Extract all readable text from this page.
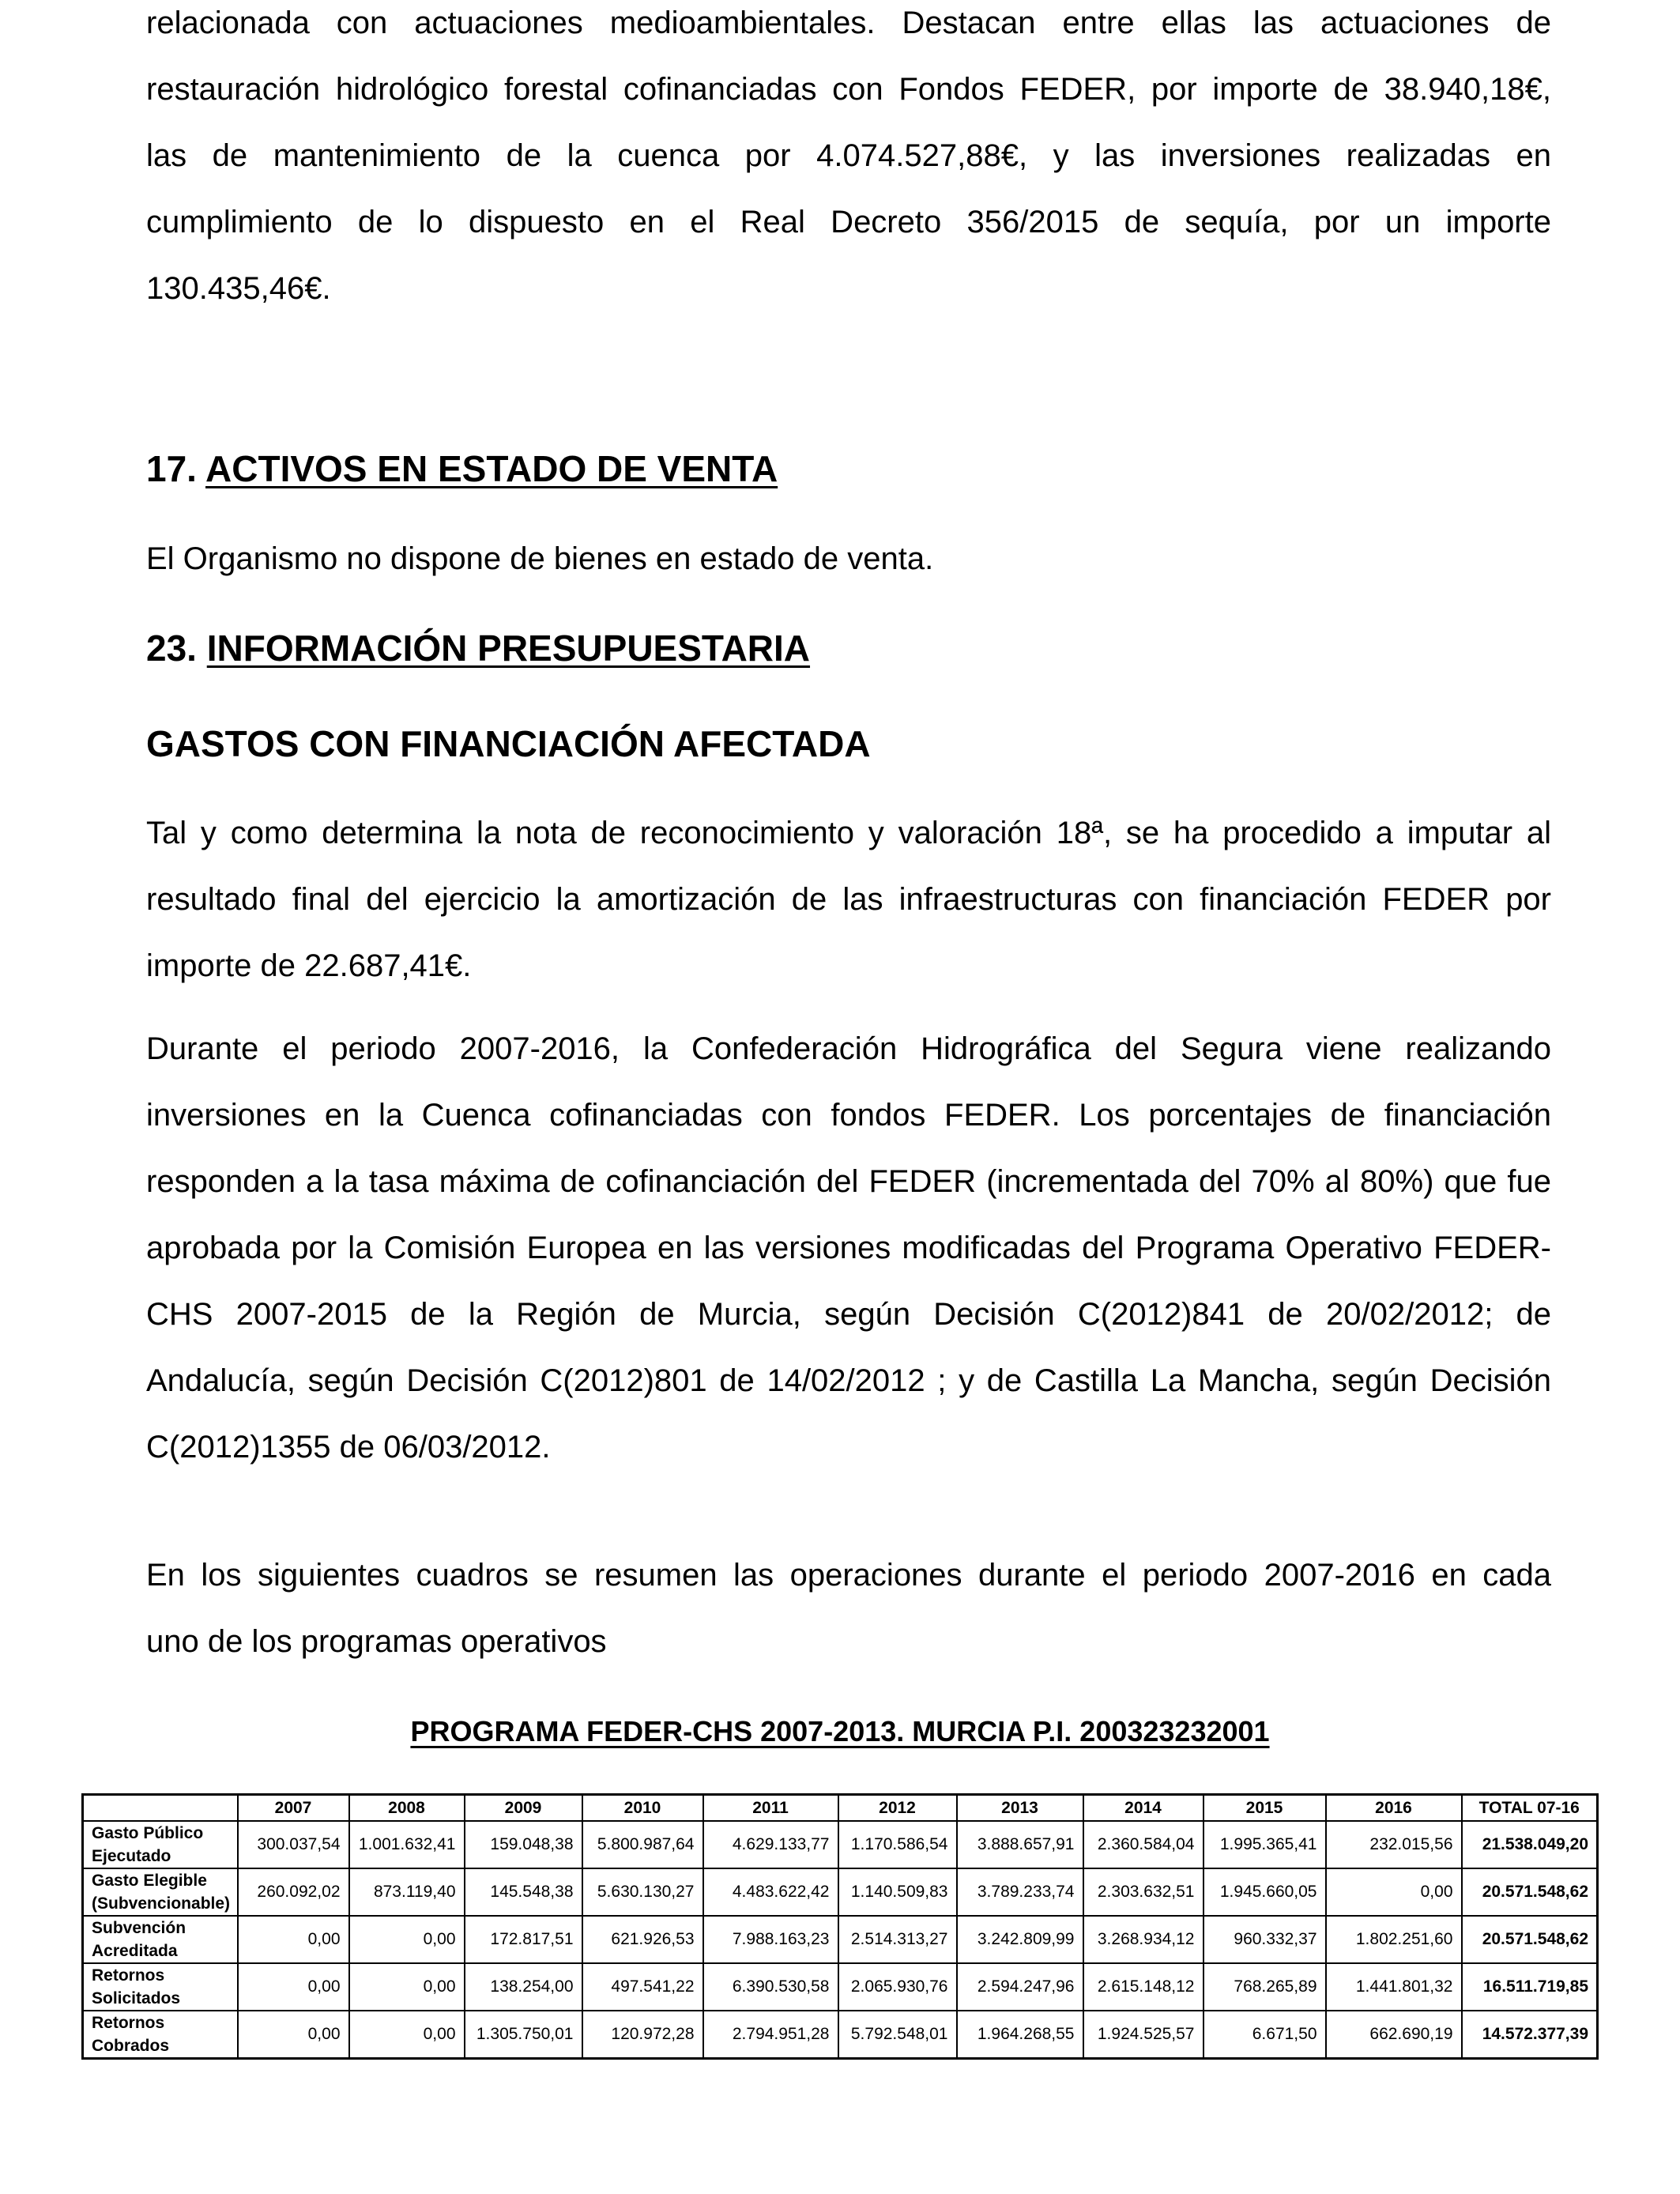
relacionada con actuaciones medioambientales. Destacan entre ellas las actuaciones de
restauración hidrológico forestal cofinanciadas con Fondos FEDER, por importe de 38.940,18€,
las de mantenimiento de la cuenca por 4.074.527,88€, y las inversiones realizadas en
cumplimiento de lo dispuesto en el Real Decreto 356/2015 de sequía, por un importe
130.435,46€.
17. ACTIVOS EN ESTADO DE VENTA
El Organismo no dispone de bienes en estado de venta.
23. INFORMACIÓN PRESUPUESTARIA
GASTOS CON FINANCIACIÓN AFECTADA
Tal y como determina la nota de reconocimiento y valoración 18ª, se ha procedido a imputar al
resultado final del ejercicio la amortización de las infraestructuras con financiación FEDER por
importe de 22.687,41€.
Durante el periodo 2007-2016, la Confederación Hidrográfica del Segura viene realizando
inversiones en la Cuenca cofinanciadas con fondos FEDER. Los porcentajes de financiación
responden a la tasa máxima de cofinanciación del FEDER (incrementada del 70% al 80%) que fue
aprobada por la Comisión Europea en las versiones modificadas del Programa Operativo FEDER-
CHS 2007-2015 de la Región de Murcia, según Decisión C(2012)841 de 20/02/2012; de
Andalucía, según Decisión C(2012)801 de 14/02/2012 ; y de Castilla La Mancha, según Decisión
C(2012)1355 de 06/03/2012.
En los siguientes cuadros se resumen las operaciones durante el periodo 2007-2016 en cada
uno de los programas operativos
PROGRAMA FEDER-CHS 2007-2013. MURCIA P.I. 200323232001
	2007	2008	2009	2010	2011	2012	2013	2014	2015	2016	TOTAL 07-16

Gasto Público
Ejecutado	300.037,54	1.001.632,41	159.048,38	5.800.987,64	4.629.133,77	1.170.586,54	3.888.657,91	2.360.584,04	1.995.365,41	232.015,56	21.538.049,20

Gasto Elegible
(Subvencionable)	260.092,02	873.119,40	145.548,38	5.630.130,27	4.483.622,42	1.140.509,83	3.789.233,74	2.303.632,51	1.945.660,05	0,00	20.571.548,62

Subvención
Acreditada	0,00	0,00	172.817,51	621.926,53	7.988.163,23	2.514.313,27	3.242.809,99	3.268.934,12	960.332,37	1.802.251,60	20.571.548,62

Retornos
Solicitados	0,00	0,00	138.254,00	497.541,22	6.390.530,58	2.065.930,76	2.594.247,96	2.615.148,12	768.265,89	1.441.801,32	16.511.719,85

Retornos
Cobrados	0,00	0,00	1.305.750,01	120.972,28	2.794.951,28	5.792.548,01	1.964.268,55	1.924.525,57	6.671,50	662.690,19	14.572.377,39
